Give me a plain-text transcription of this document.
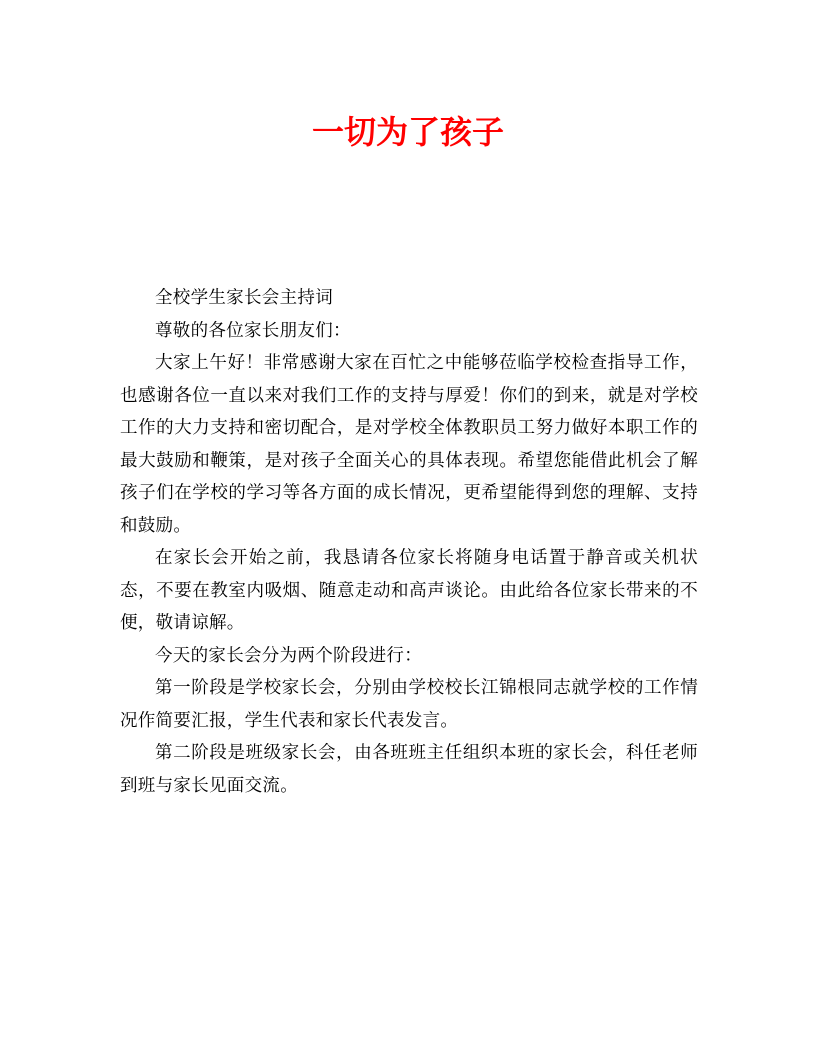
一切为了孩子

全校学生家长会主持词

尊敬的各位家长朋友们：

大家上午好！非常感谢大家在百忙之中能够莅临学校检查指导工作，也感谢各位一直以来对我们工作的支持与厚爱！你们的到来，就是对学校工作的大力支持和密切配合，是对学校全体教职员工努力做好本职工作的最大鼓励和鞭策，是对孩子全面关心的具体表现。希望您能借此机会了解孩子们在学校的学习等各方面的成长情况，更希望能得到您的理解、支持和鼓励。

在家长会开始之前，我恳请各位家长将随身电话置于静音或关机状态，不要在教室内吸烟、随意走动和高声谈论。由此给各位家长带来的不便，敬请谅解。

今天的家长会分为两个阶段进行：

第一阶段是学校家长会，分别由学校校长江锦根同志就学校的工作情况作简要汇报，学生代表和家长代表发言。

第二阶段是班级家长会，由各班班主任组织本班的家长会，科任老师到班与家长见面交流。
